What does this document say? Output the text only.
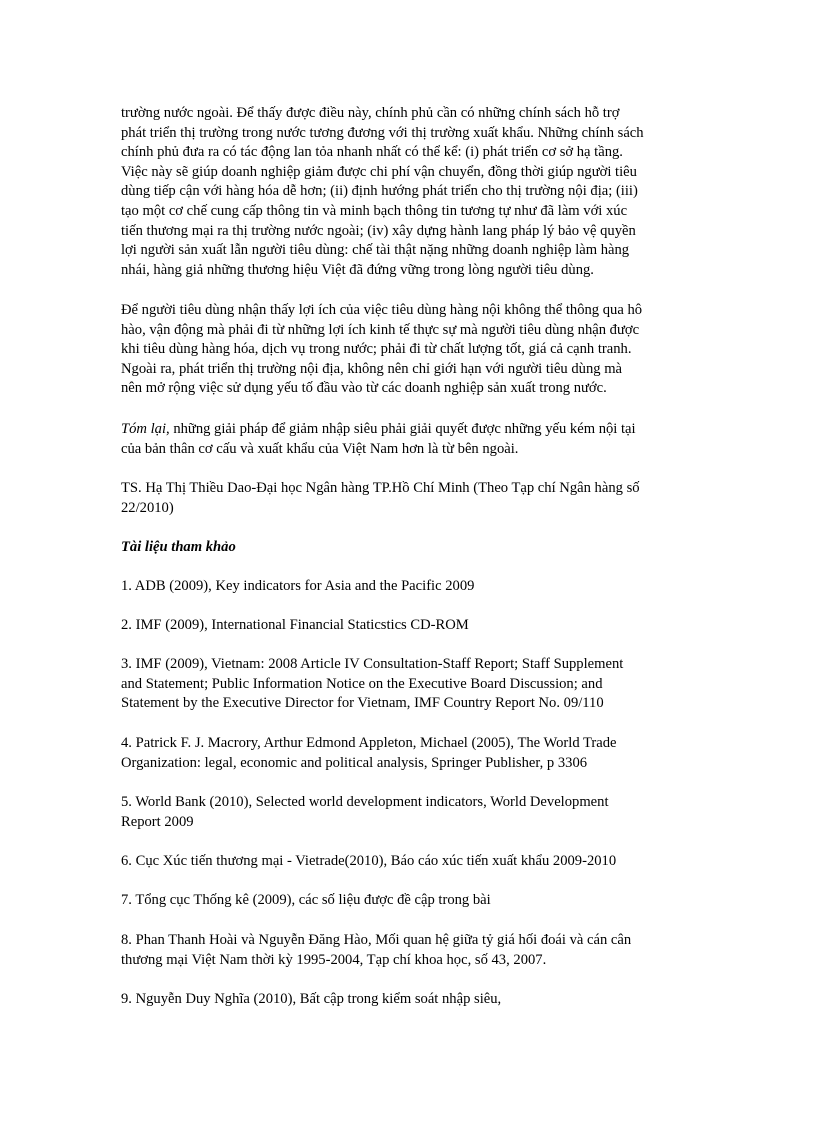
trường nước ngoài. Để thấy được điều này, chính phủ cần có những chính sách hỗ trợ
phát triển thị trường trong nước tương đương với thị trường xuất khẩu. Những chính sách
chính phủ đưa ra có tác động lan tỏa nhanh nhất có thể kể: (i) phát triển cơ sở hạ tầng.
Việc này sẽ giúp doanh nghiệp giảm được chi phí vận chuyển, đồng thời giúp người tiêu
dùng tiếp cận với hàng hóa dễ hơn; (ii) định hướng phát triển cho thị trường nội địa; (iii)
tạo một cơ chế cung cấp thông tin và minh bạch thông tin tương tự như đã làm với xúc
tiến thương mại ra thị trường nước ngoài; (iv) xây dựng hành lang pháp lý bảo vệ quyền
lợi người sản xuất lẫn người tiêu dùng: chế tài thật nặng những doanh nghiệp làm hàng
nhái, hàng giả những thương hiệu Việt đã đứng vững trong lòng người tiêu dùng.

Để người tiêu dùng nhận thấy lợi ích của việc tiêu dùng hàng nội không thể thông qua hô
hào, vận động mà phải đi từ những lợi ích kinh tế thực sự mà người tiêu dùng nhận được
khi tiêu dùng hàng hóa, dịch vụ trong nước; phải đi từ chất lượng tốt, giá cả cạnh tranh.
Ngoài ra, phát triển thị trường nội địa, không nên chỉ giới hạn với người tiêu dùng mà
nên mở rộng việc sử dụng yếu tố đầu vào từ các doanh nghiệp sản xuất trong nước.

Tóm lại, những giải pháp để giảm nhập siêu phải giải quyết được những yếu kém nội tại
của bản thân cơ cấu và xuất khẩu của Việt Nam hơn là từ bên ngoài.

TS. Hạ Thị Thiều Dao-Đại học Ngân hàng TP.Hồ Chí Minh (Theo Tạp chí Ngân hàng số
22/2010)

Tài liệu tham khảo

1. ADB (2009), Key indicators for Asia and the Pacific 2009

2. IMF (2009), International Financial Staticstics CD-ROM

3. IMF (2009), Vietnam: 2008 Article IV Consultation-Staff Report; Staff Supplement
and Statement; Public Information Notice on the Executive Board Discussion; and
Statement by the Executive Director for Vietnam, IMF Country Report No. 09/110

4. Patrick F. J. Macrory, Arthur Edmond Appleton, Michael (2005), The World Trade
Organization: legal, economic and political analysis, Springer Publisher, p 3306

5. World Bank (2010), Selected world development indicators, World Development
Report 2009

6. Cục Xúc tiến thương mại - Vietrade(2010), Báo cáo xúc tiến xuất khẩu 2009-2010

7. Tổng cục Thống kê (2009), các số liệu được đề cập trong bài

8. Phan Thanh Hoài và Nguyễn Đăng Hào, Mối quan hệ giữa tỷ giá hối đoái và cán cân
thương mại Việt Nam thời kỳ 1995-2004, Tạp chí khoa học, số 43, 2007.

9. Nguyễn Duy Nghĩa (2010), Bất cập trong kiểm soát nhập siêu,
